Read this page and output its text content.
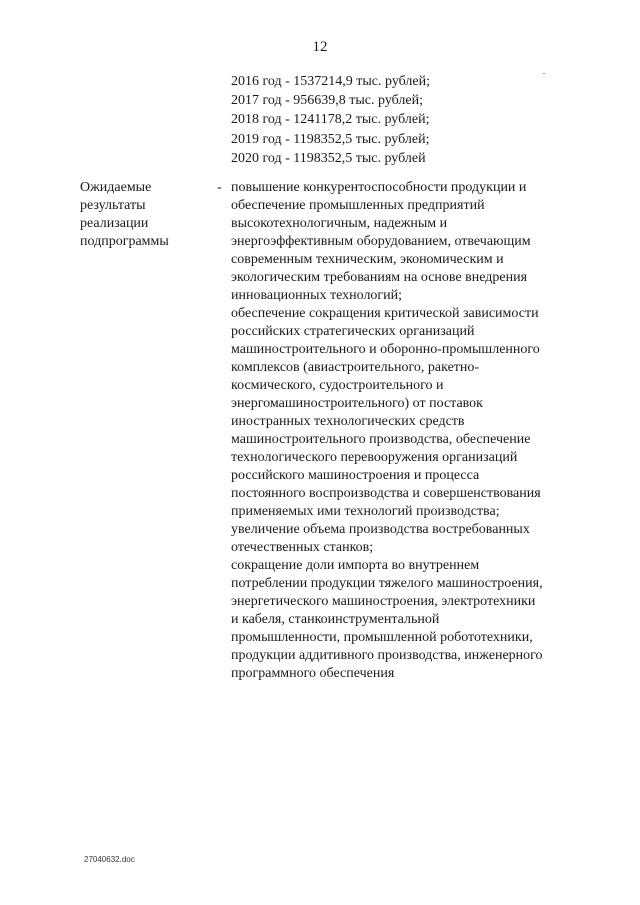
12
2016 год - 1537214,9 тыс. рублей;
2017 год - 956639,8 тыс. рублей;
2018 год - 1241178,2 тыс. рублей;
2019 год - 1198352,5 тыс. рублей;
2020 год - 1198352,5 тыс. рублей
Ожидаемые
результаты
реализации
подпрограммы
- повышение конкурентоспособности продукции и
обеспечение промышленных предприятий
высокотехнологичным, надежным и
энергоэффективным оборудованием, отвечающим
современным техническим, экономическим и
экологическим требованиям на основе внедрения
инновационных технологий;
обеспечение сокращения критической зависимости
российских стратегических организаций
машиностроительного и оборонно-промышленного
комплексов (авиастроительного, ракетно-
космического, судостроительного и
энергомашиностроительного) от поставок
иностранных технологических средств
машиностроительного производства, обеспечение
технологического перевооружения организаций
российского машиностроения и процесса
постоянного воспроизводства и совершенствования
применяемых ими технологий производства;
увеличение объема производства востребованных
отечественных станков;
сокращение доли импорта во внутреннем
потреблении продукции тяжелого машиностроения,
энергетического машиностроения, электротехники
и кабеля, станкоинструментальной
промышленности, промышленной робототехники,
продукции аддитивного производства, инженерного
программного обеспечения
27040632.doc
